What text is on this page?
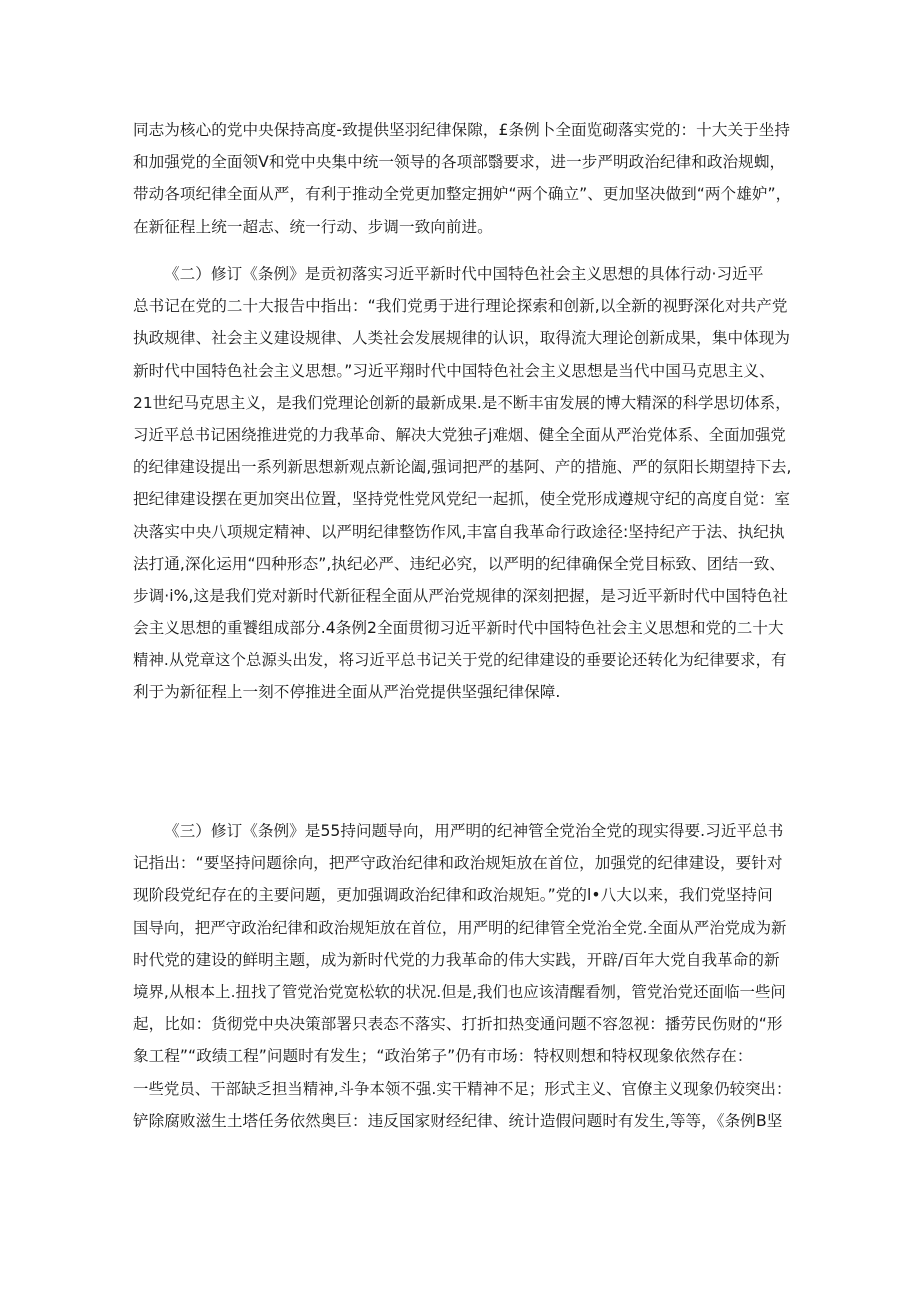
同志为核心的党中央保持高度-致提供坚羽纪律保隙，£条例卜全面览砌落实党的：十大关于坐持
和加强党的全面领V和党中央集中统一领导的各项部翳要求，进一步严明政治纪律和政治规蜘，
带动各项纪律全面从严，有利于推动全党更加整定拥妒“两个确立”、更加坚决做到“两个雄妒”，
在新征程上统一超志、统一行动、步调一致向前进。
《二）修订《条例》是贡初落实习近平新时代中国特色社会主义思想的具体行动·习近平
总书记在党的二十大报告中指出：“我们党勇于进行理论探索和创新,以全新的视野深化对共产党
执政规律、社会主义建设规律、人类社会发展规律的认识，取得流大理论创新成果，集中体现为
新时代中国特色社会主义思想。”习近平翔时代中国特色社会主义思想是当代中国马克思主义、
21世纪马克思主义，是我们党理论创新的最新成果.是不断丰宙发展的博大精深的科学思切体系，
习近平总书记困绕推进党的力我革命、解决大党独孑j难烟、健全全面从严治党体系、全面加强党
的纪律建设提出一系列新思想新观点新论阖,强词把严的基阿、产的措施、严的氛阳长期望持下去,
把纪律建设摆在更加突出位置，坚持党性党风党纪一起抓，使全党形成遵规守纪的高度自觉：室
决落实中央八项规定精神、以严明纪律整饬作风,丰富自我革命行政途径:坚持纪产于法、执纪执
法打通,深化运用“四种形态”,执纪必严、违纪必究，以严明的纪律确保全党目标致、团结一致、
步调·i%,这是我们党对新时代新征程全面从严治党规律的深刻把握，是习近平新时代中国特色社
会主义思想的重饕组成部分.4条例2全面贯彻习近平新时代中国特色社会主义思想和党的二十大
精神.从党章这个总源头出发，将习近平总书记关于党的纪律建设的垂要论还转化为纪律要求，有
利于为新征程上一刻不停推进全面从严治党提供坚强纪律保障.
《三）修订《条例》是55持问题导向，用严明的纪神管全党治全党的现实得要.习近平总书
记指出：“要坚持问题徐向，把严守政治纪律和政治规矩放在首位，加强党的纪律建设，要针对
现阶段党纪存在的主要问题，更加强调政治纪律和政治规矩。”党的l•八大以来，我们党坚持问
国导向，把严守政治纪律和政治规矩放在首位，用严明的纪律管全党治全党.全面从严治党成为新
时代党的建设的鲜明主题，成为新时代党的力我革命的伟大实践，开辟/百年大党自我革命的新
境界,从根本上.扭找了管党治党宽松软的状况.但是,我们也应该清醒看刎，管党治党还面临一些问
起，比如：货彻党中央决策部署只表态不落实、打折扣热变通问题不容忽视：播劳民伤财的“形
象工程”“政绩工程”问题时有发生；“政治笫子”仍有市场：特权则想和特权现象依然存在：
一些党员、干部缺乏担当精神,斗争本领不强.实干精神不足；形式主义、官僚主义现象仍较突出：
铲除腐败滋生土塔任务依然奥巨：违反国家财经纪律、统计造假问题时有发生,等等，《条例B坚
